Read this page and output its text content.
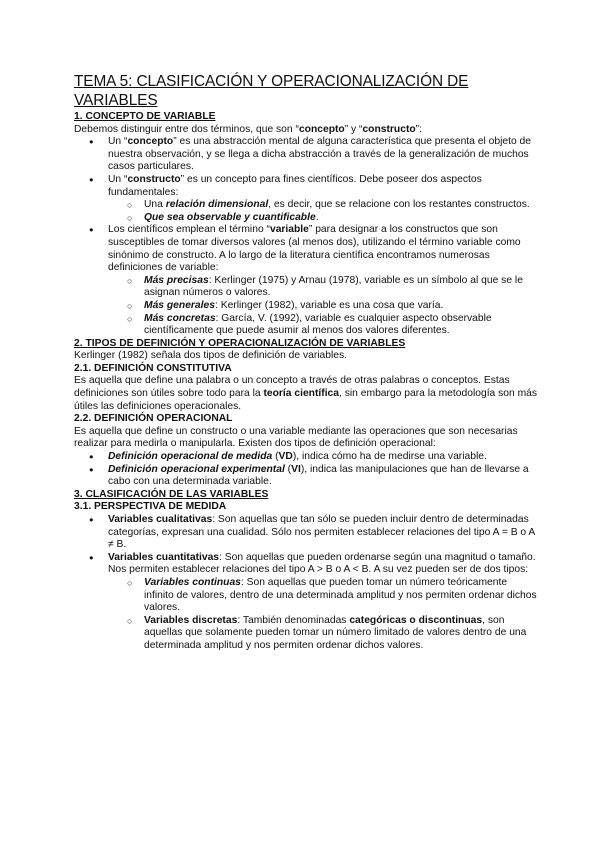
TEMA 5: CLASIFICACIÓN Y OPERACIONALIZACIÓN DE VARIABLES
1. CONCEPTO DE VARIABLE

Debemos distinguir entre dos términos, que son “concepto” y “constructo”:

● Un “concepto” es una abstracción mental de alguna característica que presenta el objeto de nuestra observación, y se llega a dicha abstracción a través de la generalización de muchos casos particulares.
● Un “constructo” es un concepto para fines científicos. Debe poseer dos aspectos fundamentales:
○ Una relación dimensional, es decir, que se relacione con los restantes constructos.
○ Que sea observable y cuantificable.
● Los científicos emplean el término “variable” para designar a los constructos que son susceptibles de tomar diversos valores (al menos dos), utilizando el término variable como sinónimo de constructo. A lo largo de la literatura científica encontramos numerosas definiciones de variable:
○ Más precisas: Kerlinger (1975) y Arnau (1978), variable es un símbolo al que se le asignan números o valores.
○ Más generales: Kerlinger (1982), variable es una cosa que varía.
○ Más concretas: García, V. (1992), variable es cualquier aspecto observable científicamente que puede asumir al menos dos valores diferentes.
2. TIPOS DE DEFINICIÓN Y OPERACIONALIZACIÓN DE VARIABLES

Kerlinger (1982) señala dos tipos de definición de variables.

2.1. DEFINICIÓN CONSTITUTIVA

Es aquella que define una palabra o un concepto a través de otras palabras o conceptos. Estas definiciones son útiles sobre todo para la teoría científica, sin embargo para la metodología son más útiles las definiciones operacionales.

2.2. DEFINICIÓN OPERACIONAL

Es aquella que define un constructo o una variable mediante las operaciones que son necesarias realizar para medirla o manipularla. Existen dos tipos de definición operacional:

● Definición operacional de medida (VD), indica cómo ha de medirse una variable.
● Definición operacional experimental (VI), indica las manipulaciones que han de llevarse a cabo con una determinada variable.
3. CLASIFICACIÓN DE LAS VARIABLES
3.1. PERSPECTIVA DE MEDIDA
● Variables cualitativas: Son aquellas que tan sólo se pueden incluir dentro de determinadas categorías, expresan una cualidad. Sólo nos permiten establecer relaciones del tipo A = B o A ≠ B.
● Variables cuantitativas: Son aquellas que pueden ordenarse según una magnitud o tamaño. Nos permiten establecer relaciones del tipo A > B o A < B. A su vez pueden ser de dos tipos:
○ Variables continuas: Son aquellas que pueden tomar un número teóricamente infinito de valores, dentro de una determinada amplitud y nos permiten ordenar dichos valores.
○ Variables discretas: También denominadas categóricas o discontinuas, son aquellas que solamente pueden tomar un número limitado de valores dentro de una determinada amplitud y nos permiten ordenar dichos valores.
